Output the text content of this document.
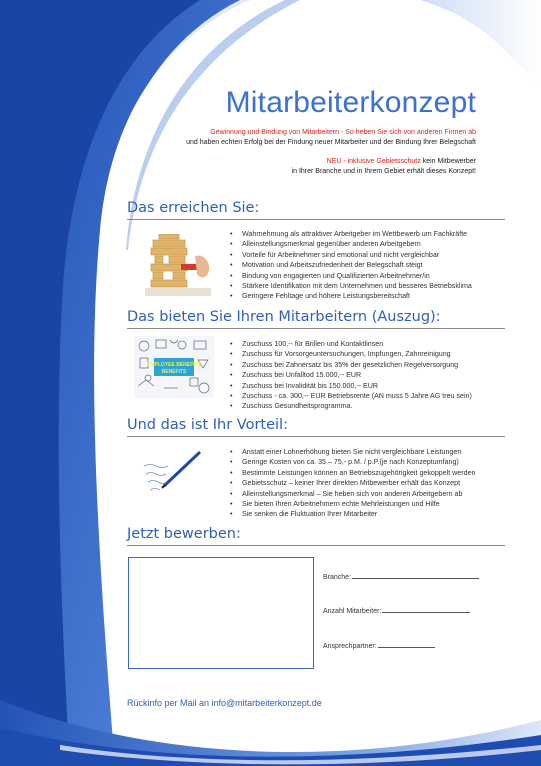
Mitarbeiterkonzept
Gewinnung und Bindung von Mitarbeitern - So heben Sie sich von anderen Firmen ab
und haben echten Erfolg bei der Findung neuer Mitarbeiter und der Bindung Ihrer Belegschaft
NEU - inklusive Gebietsschutz kein Mitbewerber
in Ihrer Branche und in Ihrem Gebiet erhält dieses Konzept!
Das erreichen Sie:
• Wahrnehmung als attraktiver Arbeitgeber im Wettbewerb um Fachkräfte
• Alleinstellungsmerkmal gegenüber anderen Arbeitgebern
• Vorteile für Arbeitnehmer sind emotional und nicht vergleichbar
• Motivation und Arbeitszufriedenheit der Belegschaft steigt
• Bindung von engagierten und Qualifizierten Arbeitnehmer/in
• Stärkere Identifikation mit dem Unternehmen und besseres Betriebsklima
• Geringere Fehltage und höhere Leistungsbereitschaft
Das bieten Sie Ihren Mitarbeitern (Auszug):
EMPLOYEE BENEFITS
BENEFITS
• Zuschuss 100,-- für Brillen und Kontaktlinsen
• Zuschuss für Vorsorgeuntersuchungen, Impfungen, Zahnreinigung
• Zuschuss bei Zahnersatz bis 35% der gesetzlichen Regelversorgung
• Zuschuss bei Unfalltod 15.000,-- EUR
• Zuschuss bei Invalidität bis 150.000,-- EUR
• Zuschuss - ca. 300,-- EUR Betriebsrente (AN muss 5 Jahre AG treu sein)
• Zuschuss Gesundheitsprogramma.
Und das ist Ihr Vorteil:
• Anstatt einer Lohnerhöhung bieten Sie nicht vergleichbare Leistungen
• Geringe Kosten von ca. 35 – 75,- p.M. / p.P.(je nach Konzeptumfang)
• Bestimmte Leistungen können an Betriebszugehörigkeit gekoppelt werden
• Gebietsschutz – keiner Ihrer direkten Mitbewerber erhält das Konzept
• Alleinstellungsmerkmal – Sie heben sich von anderen Arbeitgebern ab
• Sie bieten Ihren Arbeitnehmern echte Mehrleistungen und Hilfe
• Sie senken die Fluktuation Ihrer Mitarbeiter
Jetzt bewerben:
Branche:
Anzahl Mitarbeiter:
Ansprechpartner:
Rückinfo per Mail an info@mitarbeiterkonzept.de
